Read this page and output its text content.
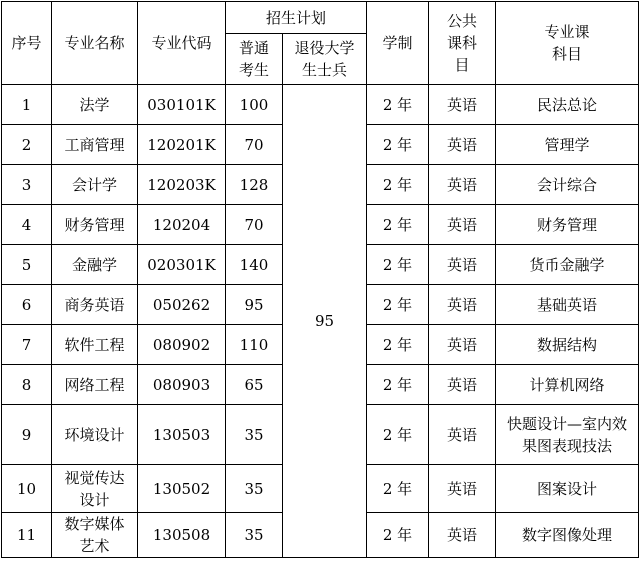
序号	专业名称	专业代码	招生计划		学制	公共课科目	专业课科目
			普通考生	退役大学生士兵			
1	法学	030101K	100	95	2 年	英语	民法总论
2	工商管理	120201K	70		2 年	英语	管理学
3	会计学	120203K	128		2 年	英语	会计综合
4	财务管理	120204	70		2 年	英语	财务管理
5	金融学	020301K	140		2 年	英语	货币金融学
6	商务英语	050262	95		2 年	英语	基础英语
7	软件工程	080902	110		2 年	英语	数据结构
8	网络工程	080903	65		2 年	英语	计算机网络
9	环境设计	130503	35		2 年	英语	快题设计—室内效果图表现技法
10	视觉传达设计	130502	35		2 年	英语	图案设计
11	数字媒体艺术	130508	35		2 年	英语	数字图像处理
